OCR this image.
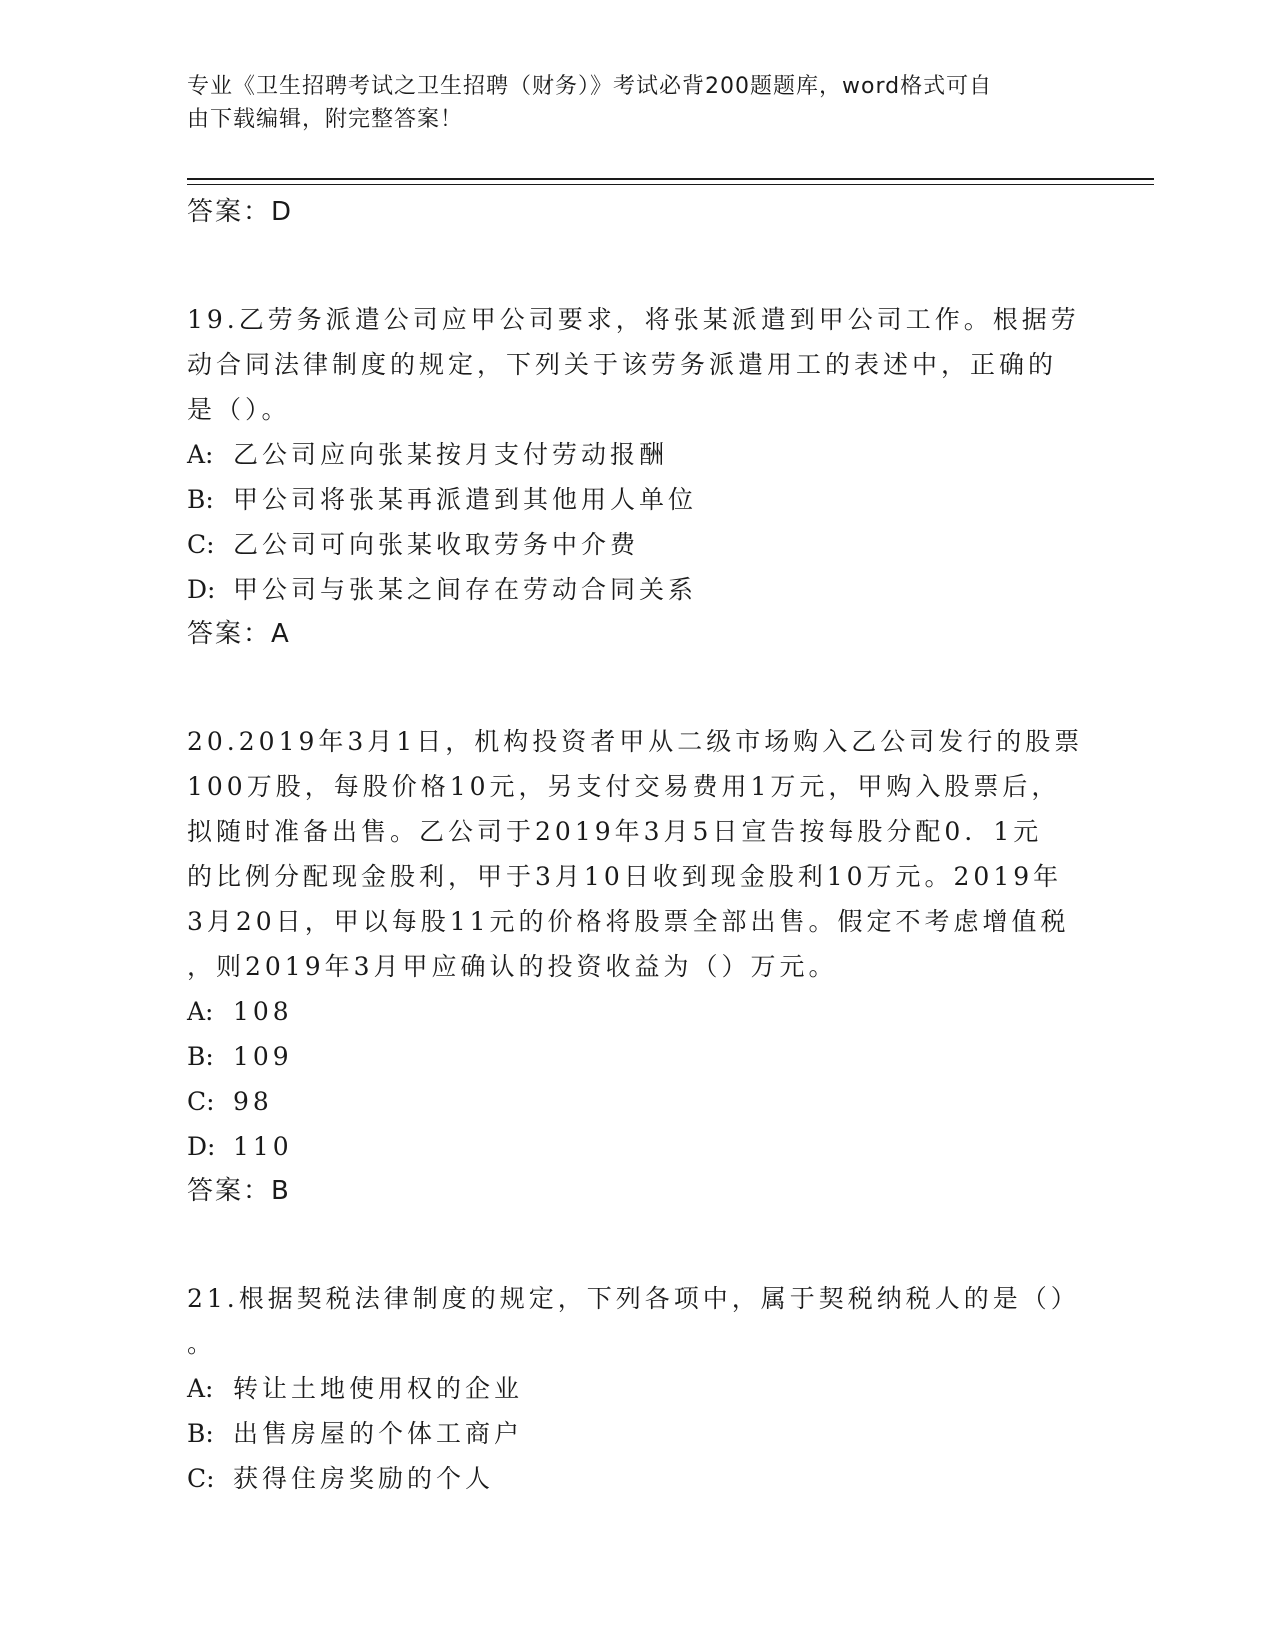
专业《卫生招聘考试之卫生招聘（财务）》考试必背200题题库，word格式可自
由下载编辑，附完整答案！

答案：D

19.乙劳务派遣公司应甲公司要求，将张某派遣到甲公司工作。根据劳

动合同法律制度的规定，下列关于该劳务派遣用工的表述中，正确的

是（）。

A: 乙公司应向张某按月支付劳动报酬

B: 甲公司将张某再派遣到其他用人单位

C: 乙公司可向张某收取劳务中介费

D: 甲公司与张某之间存在劳动合同关系

答案：A

20.2019年3月1日，机构投资者甲从二级市场购入乙公司发行的股票

100万股，每股价格10元，另支付交易费用1万元，甲购入股票后，

拟随时准备出售。乙公司于2019年3月5日宣告按每股分配0．1元

的比例分配现金股利，甲于3月10日收到现金股利10万元。2019年

3月20日，甲以每股11元的价格将股票全部出售。假定不考虑增值税

，则2019年3月甲应确认的投资收益为（）万元。

A: 108

B: 109

C: 98

D: 110

答案：B

21.根据契税法律制度的规定，下列各项中，属于契税纳税人的是（）

。

A: 转让土地使用权的企业

B: 出售房屋的个体工商户

C: 获得住房奖励的个人
